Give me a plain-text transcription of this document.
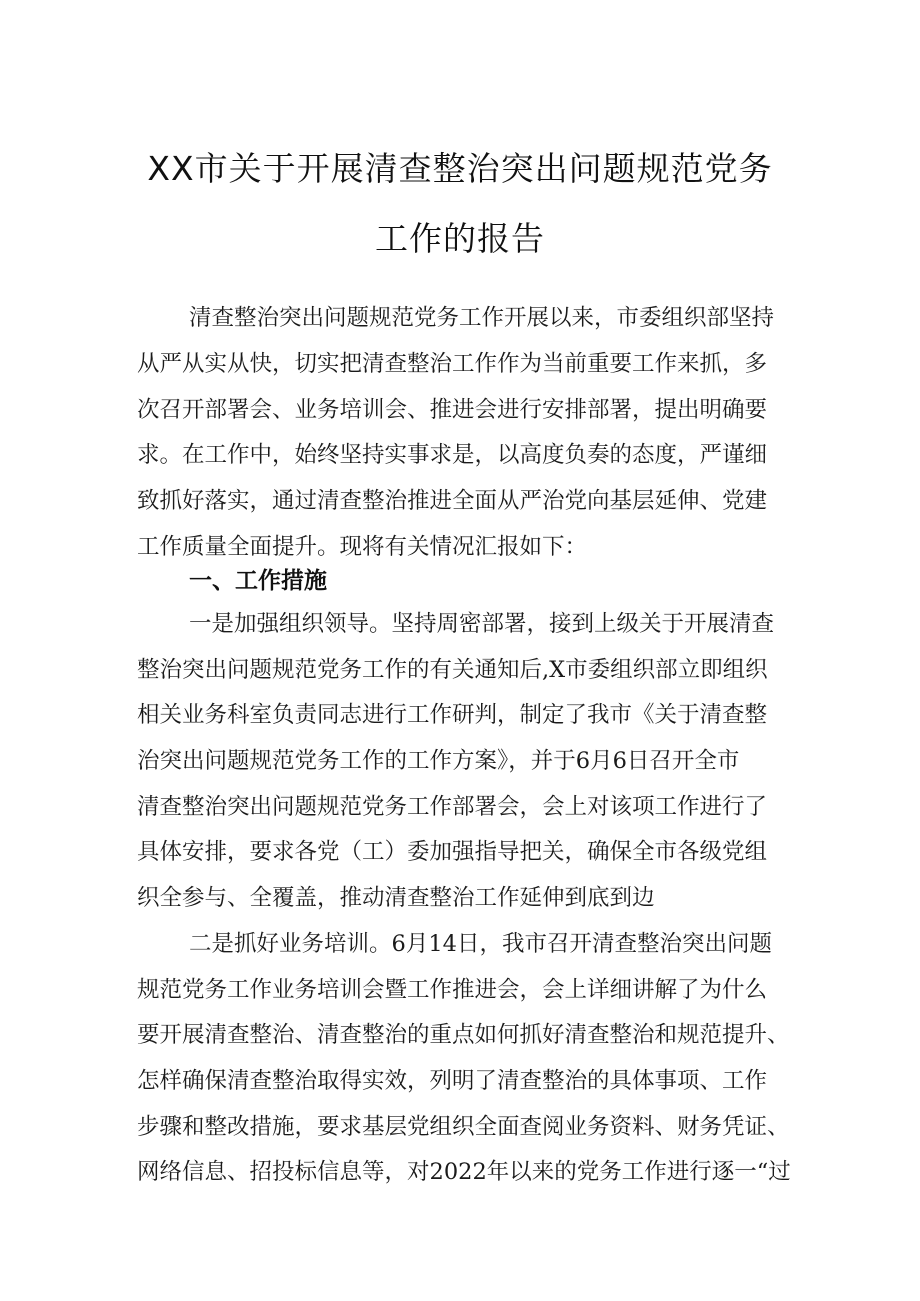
XX市关于开展清查整治突出问题规范党务
工作的报告
清查整治突出问题规范党务工作开展以来，市委组织部坚持
从严从实从快，切实把清查整治工作作为当前重要工作来抓，多
次召开部署会、业务培训会、推进会进行安排部署，提出明确要
求。在工作中，始终坚持实事求是，以高度负奏的态度，严谨细
致抓好落实，通过清查整治推进全面从严治党向基层延伸、党建
工作质量全面提升。现将有关情况汇报如下：
一、工作措施
一是加强组织领导。坚持周密部署，接到上级关于开展清查
整治突出问题规范党务工作的有关通知后,X市委组织部立即组织
相关业务科室负责同志进行工作研判，制定了我市《关于清查整
治突出问题规范党务工作的工作方案》，并于6月6日召开全市
清查整治突出问题规范党务工作部署会，会上对该项工作进行了
具体安排，要求各党（工）委加强指导把关，确保全市各级党组
织全参与、全覆盖，推动清查整治工作延伸到底到边
二是抓好业务培训。6月14日，我市召开清查整治突出问题
规范党务工作业务培训会暨工作推进会，会上详细讲解了为什么
要开展清查整治、清查整治的重点如何抓好清查整治和规范提升、
怎样确保清查整治取得实效，列明了清查整治的具体事项、工作
步骤和整改措施，要求基层党组织全面查阅业务资料、财务凭证、
网络信息、招投标信息等，对2022年以来的党务工作进行逐一“过
